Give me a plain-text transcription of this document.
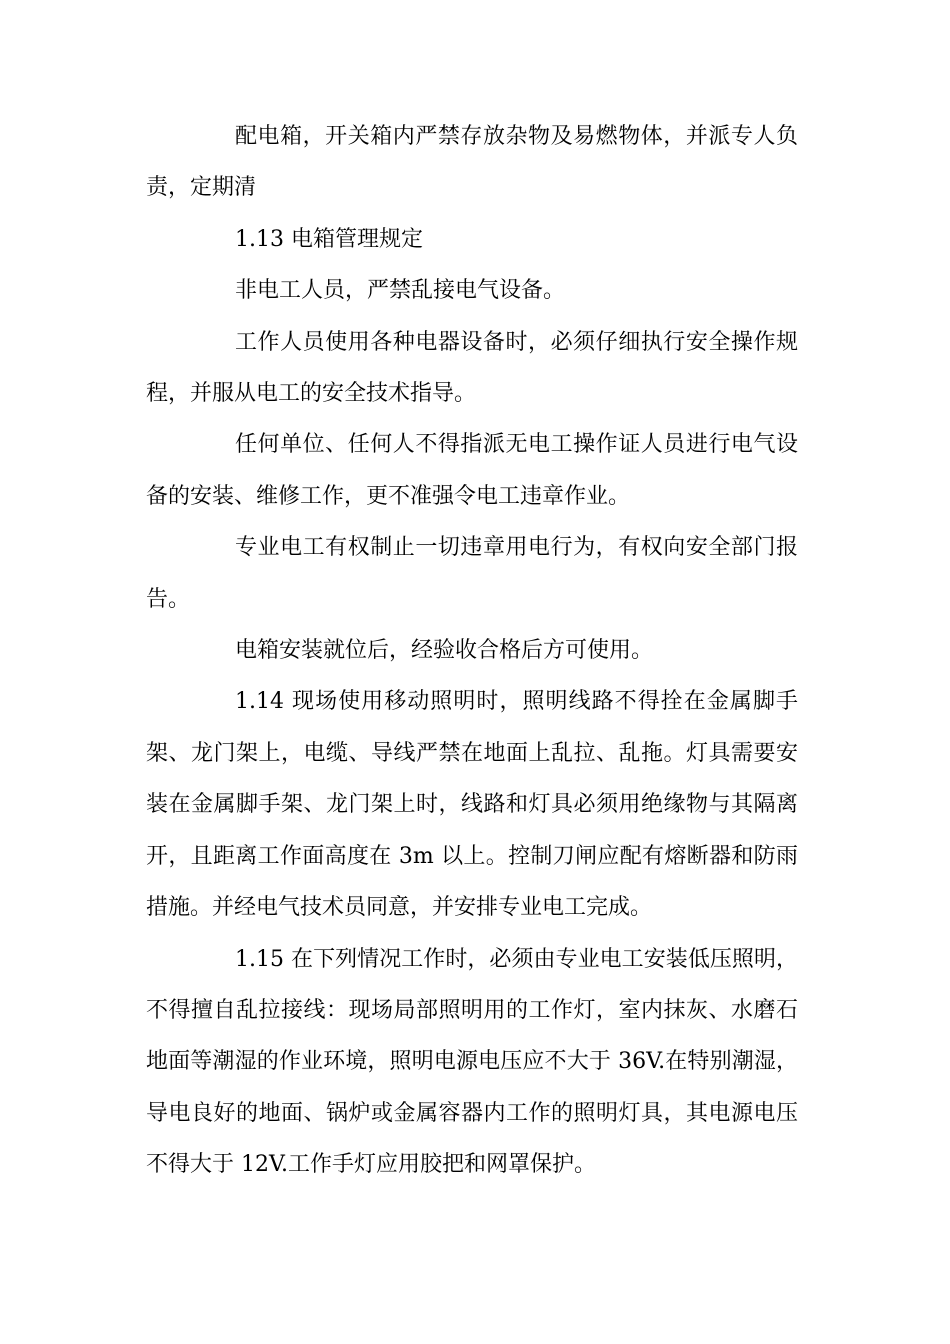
配电箱，开关箱内严禁存放杂物及易燃物体，并派专人负责，定期清

1.13 电箱管理规定

非电工人员，严禁乱接电气设备。

工作人员使用各种电器设备时，必须仔细执行安全操作规程，并服从电工的安全技术指导。

任何单位、任何人不得指派无电工操作证人员进行电气设备的安装、维修工作，更不准强令电工违章作业。

专业电工有权制止一切违章用电行为，有权向安全部门报告。

电箱安装就位后，经验收合格后方可使用。

1.14 现场使用移动照明时，照明线路不得拴在金属脚手架、龙门架上，电缆、导线严禁在地面上乱拉、乱拖。灯具需要安装在金属脚手架、龙门架上时，线路和灯具必须用绝缘物与其隔离开，且距离工作面高度在 3m 以上。控制刀闸应配有熔断器和防雨措施。并经电气技术员同意，并安排专业电工完成。

1.15 在下列情况工作时，必须由专业电工安装低压照明，不得擅自乱拉接线：现场局部照明用的工作灯，室内抹灰、水磨石地面等潮湿的作业环境，照明电源电压应不大于 36V.在特别潮湿，导电良好的地面、锅炉或金属容器内工作的照明灯具，其电源电压不得大于 12V.工作手灯应用胶把和网罩保护。
